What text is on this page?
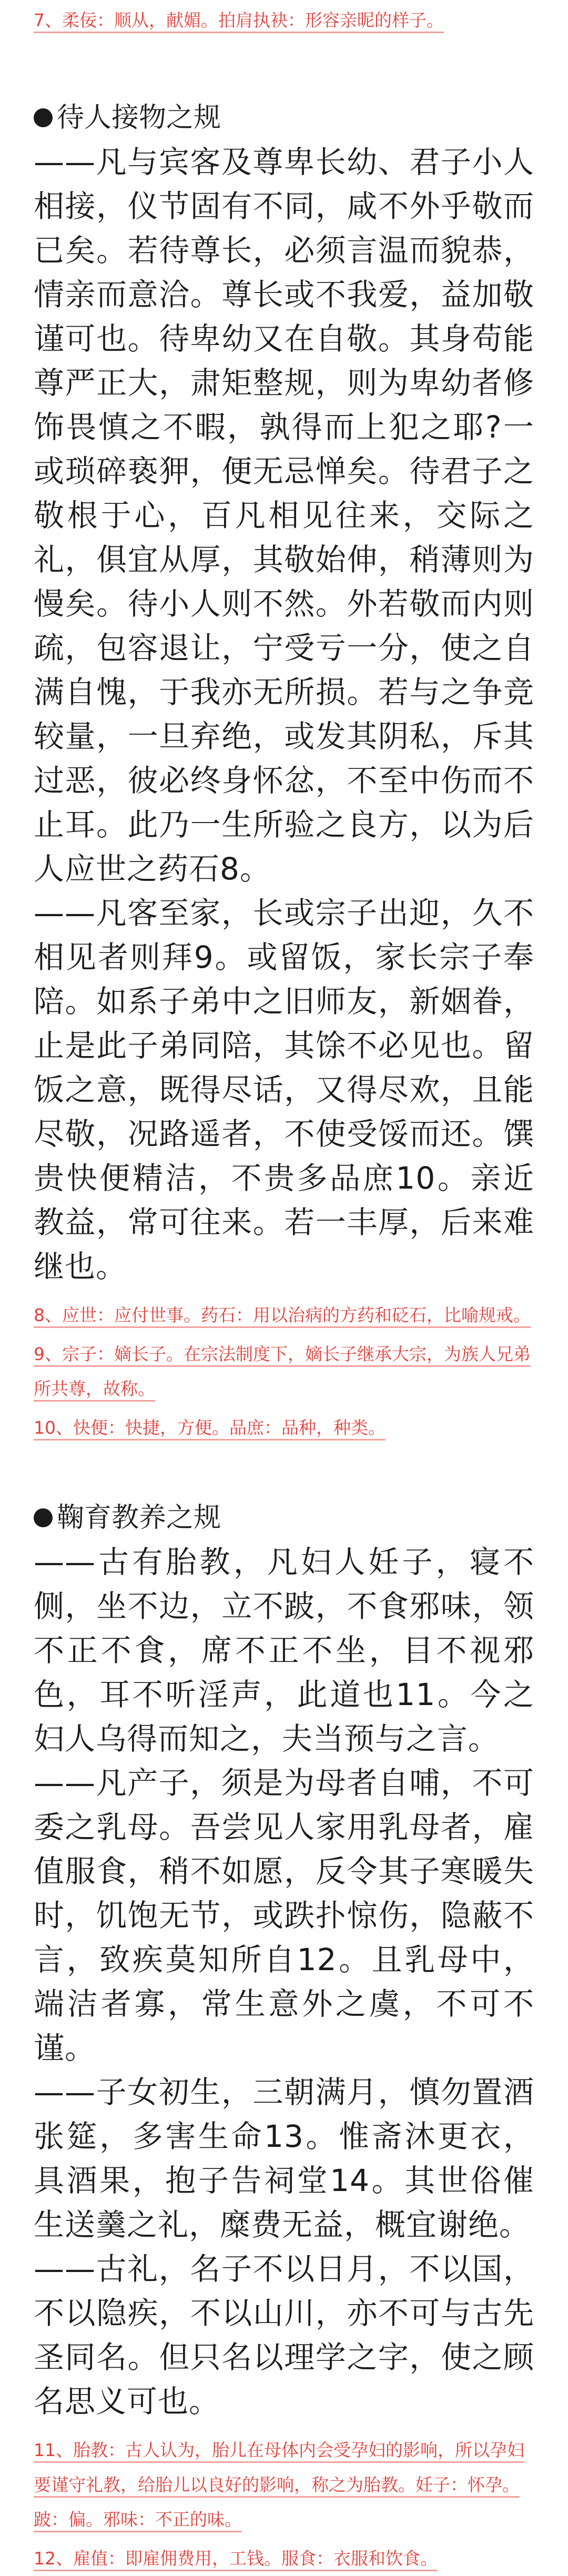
7、柔佞：顺从，献媚。拍肩执袂：形容亲昵的样子。

待人接物之规

——凡与宾客及尊卑长幼、君子小人相接，仪节固有不同，咸不外乎敬而已矣。若待尊长，必须言温而貌恭，情亲而意洽。尊长或不我爱，益加敬谨可也。待卑幼又在自敬。其身苟能尊严正大，肃矩整规，则为卑幼者修饰畏慎之不暇，孰得而上犯之耶?一或琐碎亵狎，便无忌惮矣。待君子之敬根于心，百凡相见往来，交际之礼，俱宜从厚，其敬始伸，稍薄则为慢矣。待小人则不然。外若敬而内则疏，包容退让，宁受亏一分，使之自满自愧，于我亦无所损。若与之争竞较量，一旦弃绝，或发其阴私，斥其过恶，彼必终身怀忿，不至中伤而不止耳。此乃一生所验之良方，以为后人应世之药石8。

——凡客至家，长或宗子出迎，久不相见者则拜9。或留饭，家长宗子奉陪。如系子弟中之旧师友，新姻眷，止是此子弟同陪，其馀不必见也。留饭之意，既得尽话，又得尽欢，且能尽敬，况路遥者，不使受馁而还。馔贵快便精洁，不贵多品庶10。亲近教益，常可往来。若一丰厚，后来难继也。

8、应世：应付世事。药石：用以治病的方药和砭石，比喻规戒。

9、宗子：嫡长子。在宗法制度下，嫡长子继承大宗，为族人兄弟所共尊，故称。

10、快便：快捷，方便。品庶：品种，种类。

鞠育教养之规

——古有胎教，凡妇人妊子，寝不侧，坐不边，立不跛，不食邪味，领不正不食，席不正不坐，目不视邪色，耳不听淫声，此道也11。今之妇人乌得而知之，夫当预与之言。

——凡产子，须是为母者自哺，不可委之乳母。吾尝见人家用乳母者，雇值服食，稍不如愿，反令其子寒暖失时，饥饱无节，或跌扑惊伤，隐蔽不言，致疾莫知所自12。且乳母中，端洁者寡，常生意外之虞，不可不谨。

——子女初生，三朝满月，慎勿置酒张筵，多害生命13。惟斋沐更衣，具酒果，抱子告祠堂14。其世俗催生送羹之礼，糜费无益，概宜谢绝。

——古礼，名子不以日月，不以国，不以隐疾，不以山川，亦不可与古先圣同名。但只名以理学之字，使之顾名思义可也。

11、胎教：古人认为，胎儿在母体内会受孕妇的影响，所以孕妇要谨守礼教，给胎儿以良好的影响，称之为胎教。妊子：怀孕。跛：偏。邪味：不正的味。

12、雇值：即雇佣费用，工钱。服食：衣服和饮食。
